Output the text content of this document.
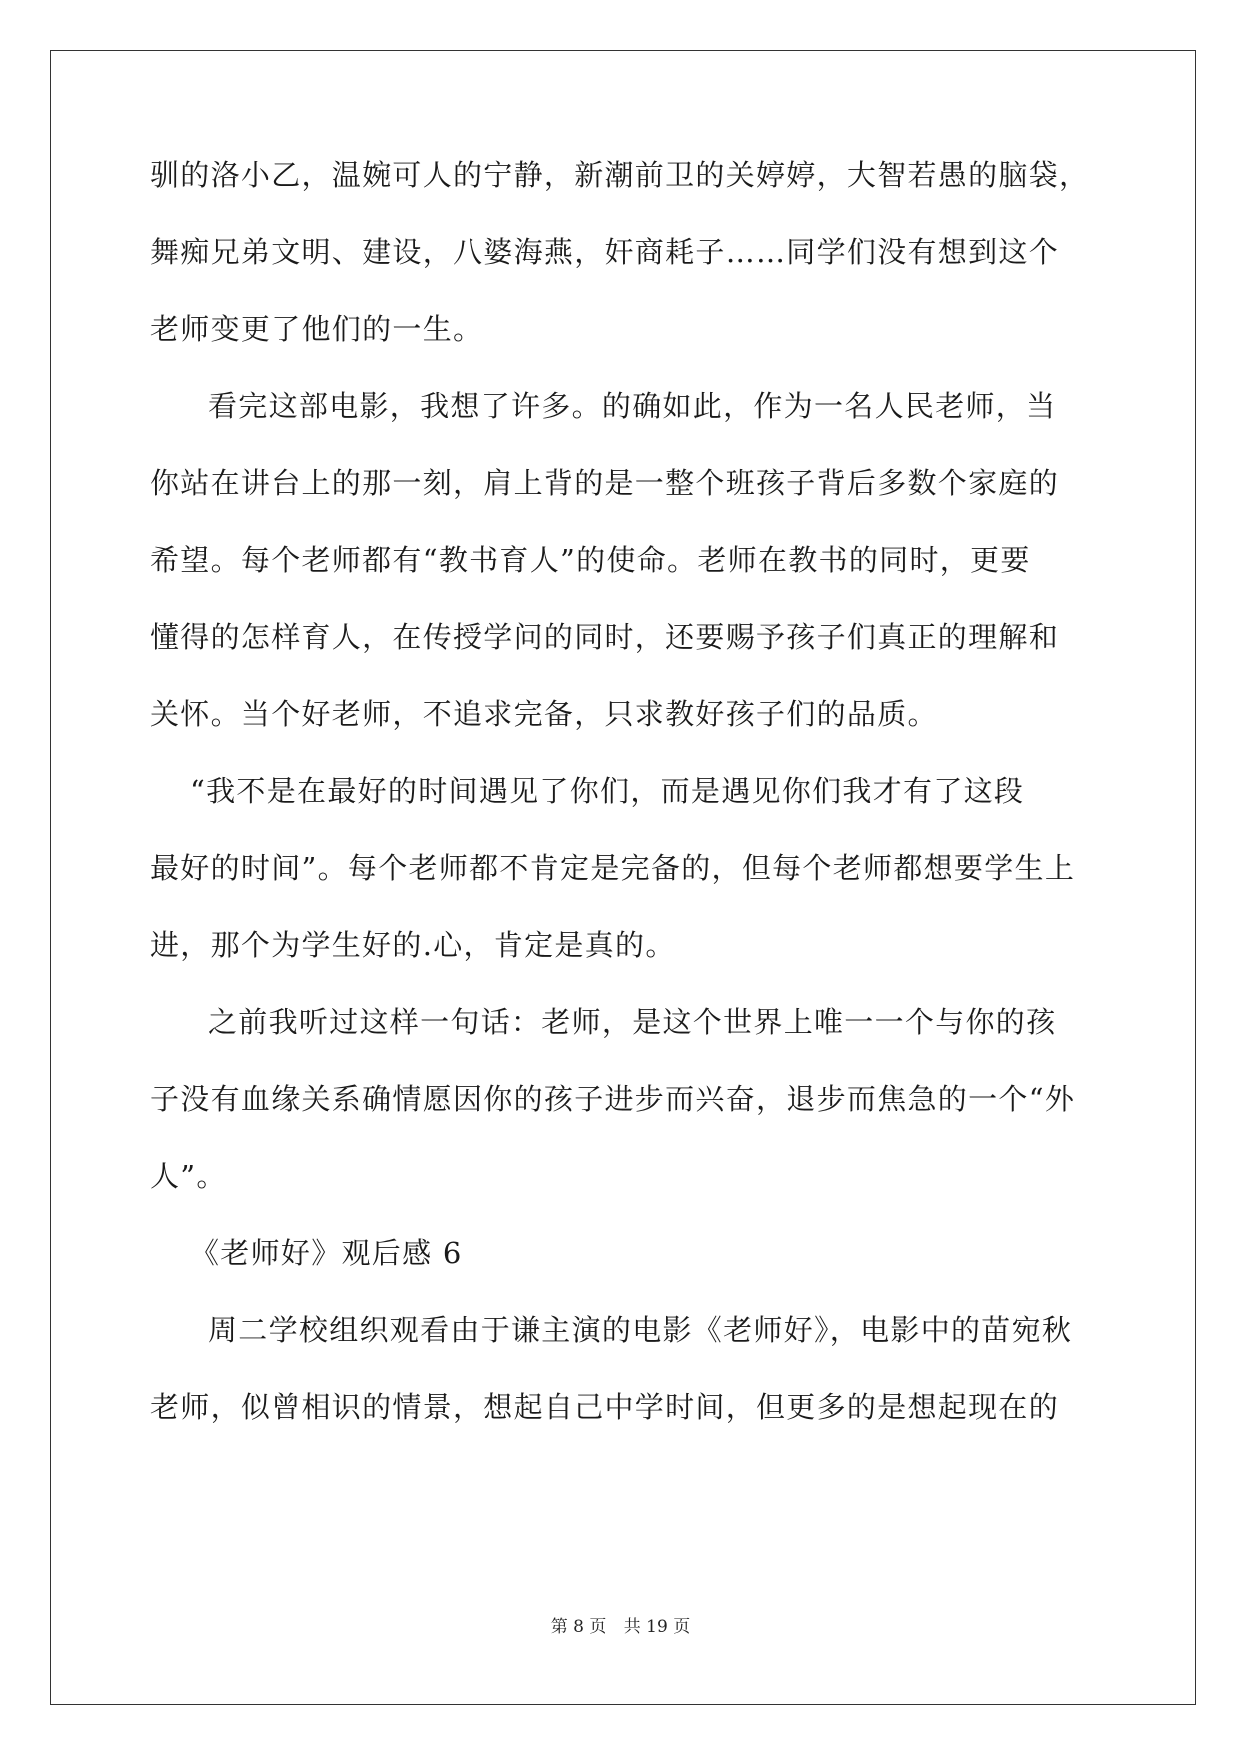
驯的洛小乙，温婉可人的宁静，新潮前卫的关婷婷，大智若愚的脑袋，
舞痴兄弟文明、建设，八婆海燕，奸商耗子……同学们没有想到这个
老师变更了他们的一生。
看完这部电影，我想了许多。的确如此，作为一名人民老师，当
你站在讲台上的那一刻，肩上背的是一整个班孩子背后多数个家庭的
希望。每个老师都有“教书育人”的使命。老师在教书的同时，更要
懂得的怎样育人，在传授学问的同时，还要赐予孩子们真正的理解和
关怀。当个好老师，不追求完备，只求教好孩子们的品质。
“我不是在最好的时间遇见了你们，而是遇见你们我才有了这段
最好的时间”。每个老师都不肯定是完备的，但每个老师都想要学生上
进，那个为学生好的.心，肯定是真的。
之前我听过这样一句话：老师，是这个世界上唯一一个与你的孩
子没有血缘关系确情愿因你的孩子进步而兴奋，退步而焦急的一个“外
人”。
《老师好》观后感 6
周二学校组织观看由于谦主演的电影《老师好》，电影中的苗宛秋
老师，似曾相识的情景，想起自己中学时间，但更多的是想起现在的
第 8 页 共 19 页
